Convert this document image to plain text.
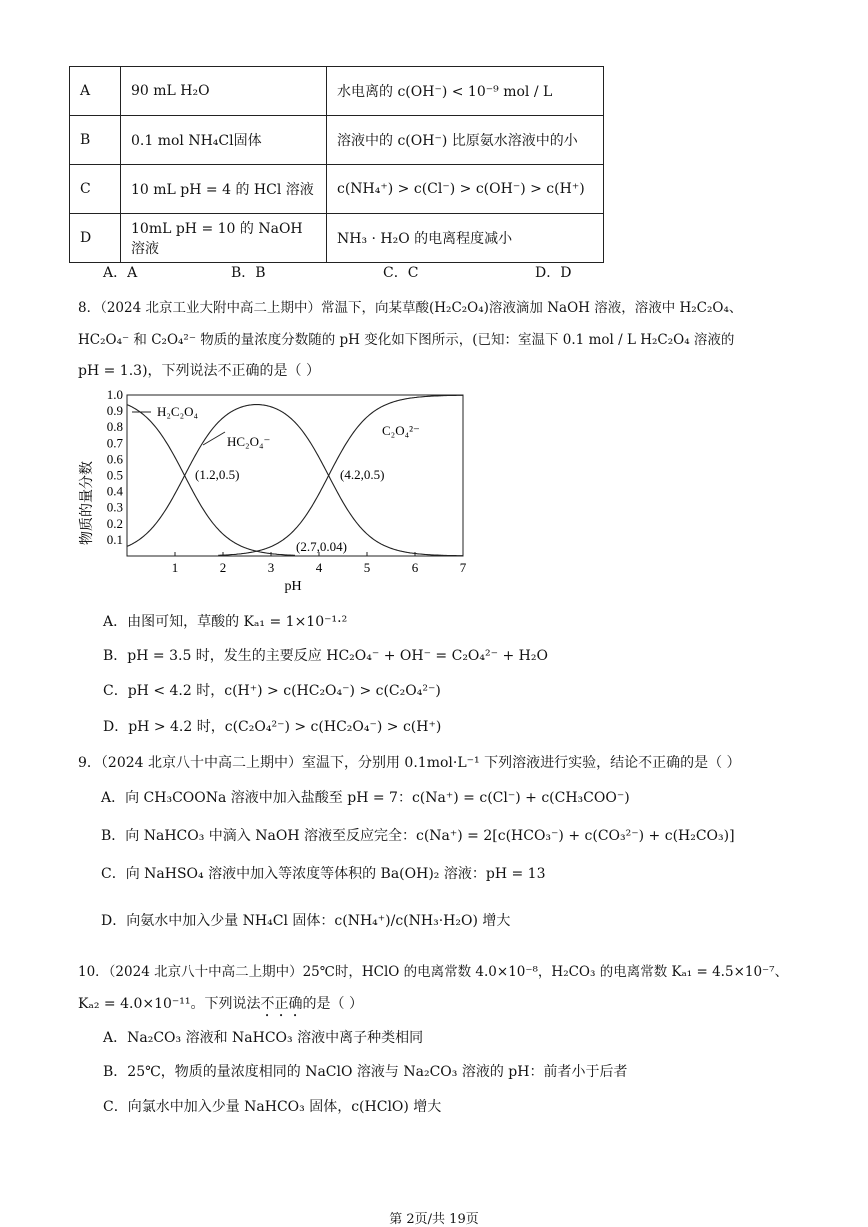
A	90 mL H₂O	水电离的 c(OH⁻) < 10⁻⁹ mol / L
B	0.1 mol NH₄Cl固体	溶液中的 c(OH⁻) 比原氨水溶液中的小
C	10 mL pH = 4 的 HCl 溶液	c(NH₄⁺) > c(Cl⁻) > c(OH⁻) > c(H⁺)
D	10mL pH = 10 的 NaOH 溶液	NH₃ · H₂O 的电离程度减小
A．A	B．B	C．C	D．D
8．（2024 北京工业大附中高二上期中）常温下，向某草酸(H₂C₂O₄)溶液滴加 NaOH 溶液，溶液中 H₂C₂O₄、
HC₂O₄⁻ 和 C₂O₄²⁻ 物质的量浓度分数随的 pH 变化如下图所示，(已知：室温下 0.1 mol / L H₂C₂O₄ 溶液的
pH = 1.3)，下列说法不正确的是（ ）
物质的量分数 0.1
0.2
0.3
0.4
0.5
0.6
0.7
0.8
0.9
1.0
1	2	3	4	5	6	7
pH
H₂C₂O₄
HC₂O₄⁻
C₂O₄²⁻
(1.2,0.5)	(4.2,0.5)
(2.7,0.04)
A．由图可知，草酸的 Kₐ₁ = 1×10⁻¹·²
B．pH = 3.5 时，发生的主要反应 HC₂O₄⁻ + OH⁻ = C₂O₄²⁻ + H₂O
C．pH < 4.2 时，c(H⁺) > c(HC₂O₄⁻) > c(C₂O₄²⁻)
D．pH > 4.2 时，c(C₂O₄²⁻) > c(HC₂O₄⁻) > c(H⁺)
9．（2024 北京八十中高二上期中）室温下，分别用 0.1mol·L⁻¹ 下列溶液进行实验，结论不正确的是（ ）
A．向 CH₃COONa 溶液中加入盐酸至 pH = 7：c(Na⁺) = c(Cl⁻) + c(CH₃COO⁻)
B．向 NaHCO₃ 中滴入 NaOH 溶液至反应完全：c(Na⁺) = 2[c(HCO₃⁻) + c(CO₃²⁻) + c(H₂CO₃)]
C．向 NaHSO₄ 溶液中加入等浓度等体积的 Ba(OH)₂ 溶液：pH = 13
D．向氨水中加入少量 NH₄Cl 固体：c(NH₄⁺)/c(NH₃·H₂O) 增大
10．（2024 北京八十中高二上期中）25℃时，HClO 的电离常数 4.0×10⁻⁸，H₂CO₃ 的电离常数 Kₐ₁ = 4.5×10⁻⁷、
Kₐ₂ = 4.0×10⁻¹¹。下列说法不正确的是（ ）
A．Na₂CO₃ 溶液和 NaHCO₃ 溶液中离子种类相同
B．25℃，物质的量浓度相同的 NaClO 溶液与 Na₂CO₃ 溶液的 pH：前者小于后者
C．向氯水中加入少量 NaHCO₃ 固体，c(HClO) 增大
第 2页/共 19页
